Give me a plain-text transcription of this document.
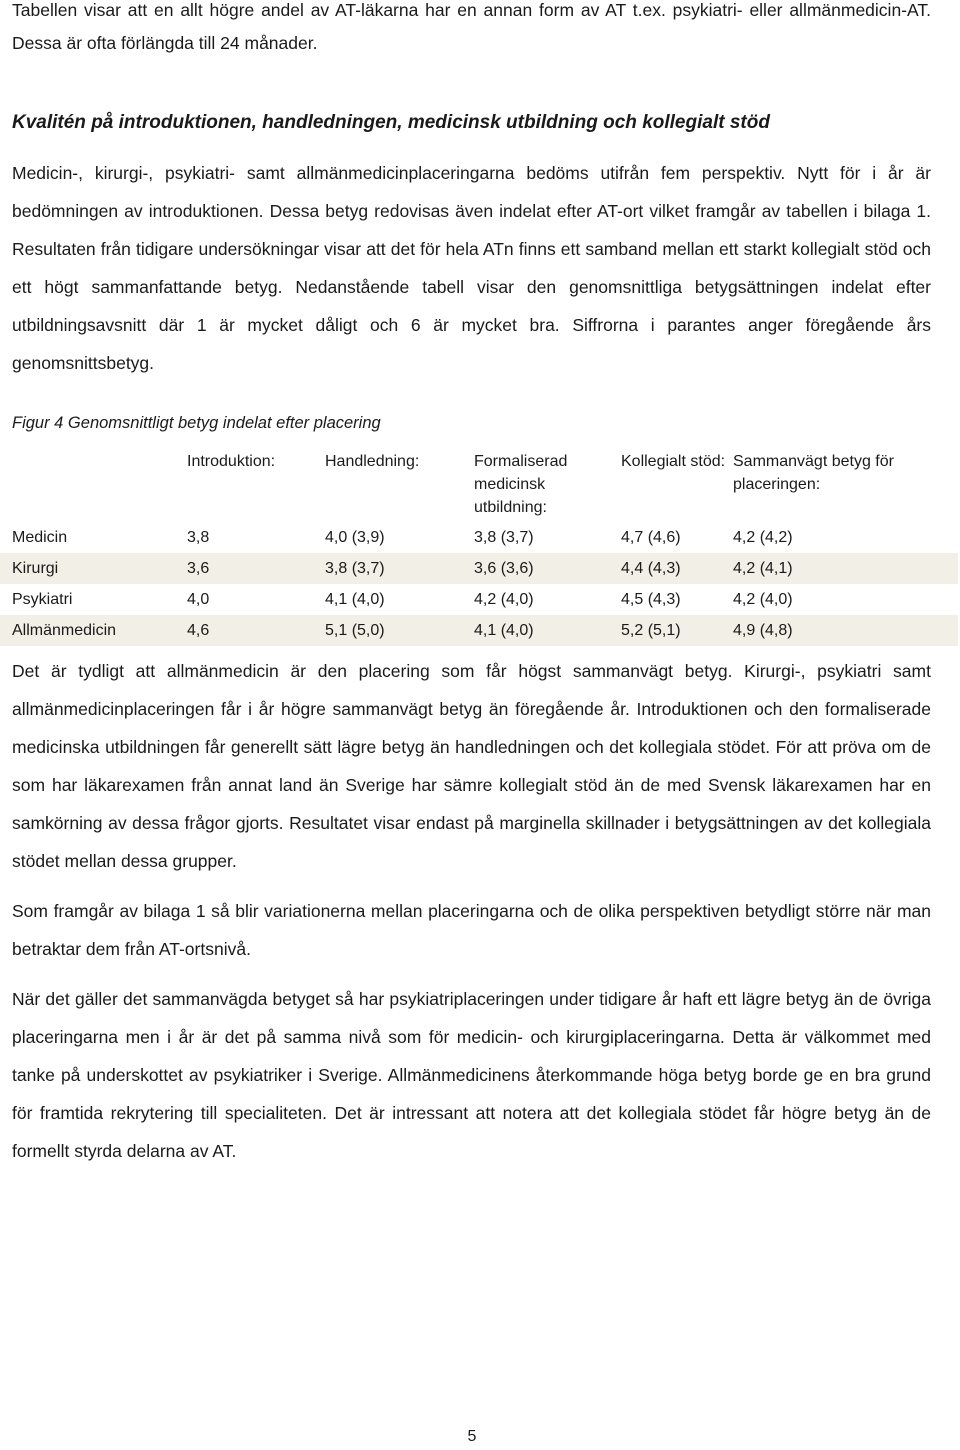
Tabellen visar att en allt högre andel av AT-läkarna har en annan form av AT t.ex. psykiatri- eller allmänmedicin-AT. Dessa är ofta förlängda till 24 månader.

Kvalitén på introduktionen, handledningen, medicinsk utbildning och kollegialt stöd

Medicin-, kirurgi-, psykiatri- samt allmänmedicinplaceringarna bedöms utifrån fem perspektiv. Nytt för i år är bedömningen av introduktionen. Dessa betyg redovisas även indelat efter AT-ort vilket framgår av tabellen i bilaga 1. Resultaten från tidigare undersökningar visar att det för hela ATn finns ett samband mellan ett starkt kollegialt stöd och ett högt sammanfattande betyg. Nedanstående tabell visar den genomsnittliga betygsättningen indelat efter utbildningsavsnitt där 1 är mycket dåligt och 6 är mycket bra. Siffrorna i parantes anger föregående års genomsnittsbetyg.

Figur 4 Genomsnittligt betyg indelat efter placering

	Introduktion:	Handledning:	Formaliserad medicinsk utbildning:	Kollegialt stöd:	Sammanvägt betyg för placeringen:
Medicin	3,8	4,0 (3,9)	3,8 (3,7)	4,7 (4,6)	4,2 (4,2)
Kirurgi	3,6	3,8 (3,7)	3,6 (3,6)	4,4 (4,3)	4,2 (4,1)
Psykiatri	4,0	4,1 (4,0)	4,2 (4,0)	4,5 (4,3)	4,2 (4,0)
Allmänmedicin	4,6	5,1 (5,0)	4,1 (4,0)	5,2 (5,1)	4,9 (4,8)

Det är tydligt att allmänmedicin är den placering som får högst sammanvägt betyg. Kirurgi-, psykiatri samt allmänmedicinplaceringen får i år högre sammanvägt betyg än föregående år. Introduktionen och den formaliserade medicinska utbildningen får generellt sätt lägre betyg än handledningen och det kollegiala stödet. För att pröva om de som har läkarexamen från annat land än Sverige har sämre kollegialt stöd än de med Svensk läkarexamen har en samkörning av dessa frågor gjorts. Resultatet visar endast på marginella skillnader i betygsättningen av det kollegiala stödet mellan dessa grupper.

Som framgår av bilaga 1 så blir variationerna mellan placeringarna och de olika perspektiven betydligt större när man betraktar dem från AT-ortsnivå.

När det gäller det sammanvägda betyget så har psykiatriplaceringen under tidigare år haft ett lägre betyg än de övriga placeringarna men i år är det på samma nivå som för medicin- och kirurgiplaceringarna. Detta är välkommet med tanke på underskottet av psykiatriker i Sverige. Allmänmedicinens återkommande höga betyg borde ge en bra grund för framtida rekrytering till specialiteten. Det är intressant att notera att det kollegiala stödet får högre betyg än de formellt styrda delarna av AT.

5
